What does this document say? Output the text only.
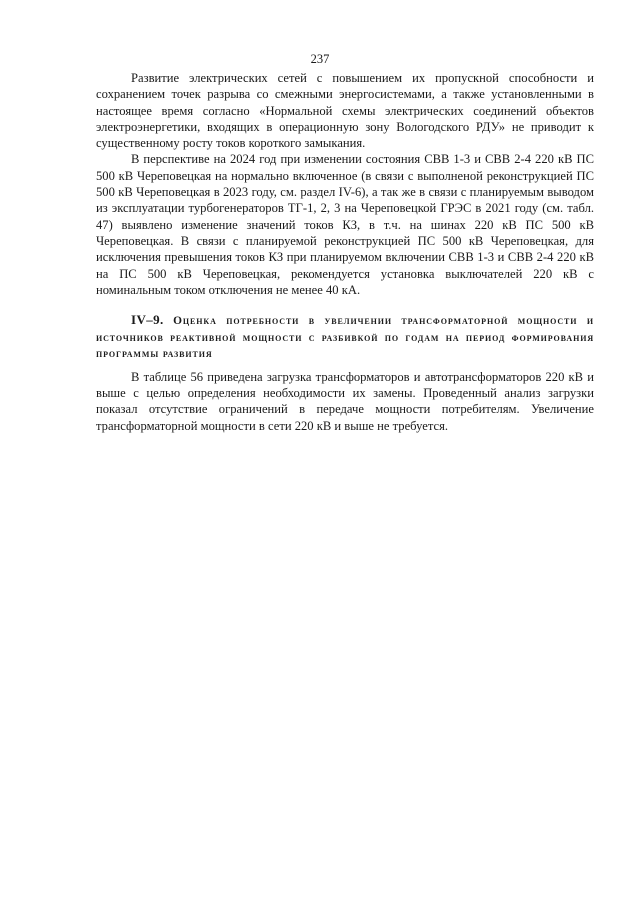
237

Развитие электрических сетей с повышением их пропускной способности и сохранением точек разрыва со смежными энергосистемами, а также установленными в настоящее время согласно «Нормальной схемы электрических соединений объектов электроэнергетики, входящих в операционную зону Вологодского РДУ» не приводит к существенному росту токов короткого замыкания.

В перспективе на 2024 год при изменении состояния СВВ 1-3 и СВВ 2-4 220 кВ ПС 500 кВ Череповецкая на нормально включенное (в связи с выполненой реконструкцией ПС 500 кВ Череповецкая в 2023 году, см. раздел IV-6), а так же в связи с планируемым выводом из эксплуатации турбогенераторов ТГ-1, 2, 3 на Череповецкой ГРЭС в 2021 году (см. табл. 47) выявлено изменение значений токов КЗ, в т.ч. на шинах 220 кВ ПС 500 кВ Череповецкая. В связи с планируемой реконструкцией ПС 500 кВ Череповецкая, для исключения превышения токов КЗ при планируемом включении СВВ 1-3 и СВВ 2-4 220 кВ на ПС 500 кВ Череповецкая, рекомендуется установка выключателей 220 кВ с номинальным током отключения не менее 40 кА.

IV–9. Оценка потребности в увеличении трансформаторной мощности и источников реактивной мощности с разбивкой по годам на период формирования программы развития

В таблице 56 приведена загрузка трансформаторов и автотрансформаторов 220 кВ и выше с целью определения необходимости их замены. Проведенный анализ загрузки показал отсутствие ограничений в передаче мощности потребителям. Увеличение трансформаторной мощности в сети 220 кВ и выше не требуется.
